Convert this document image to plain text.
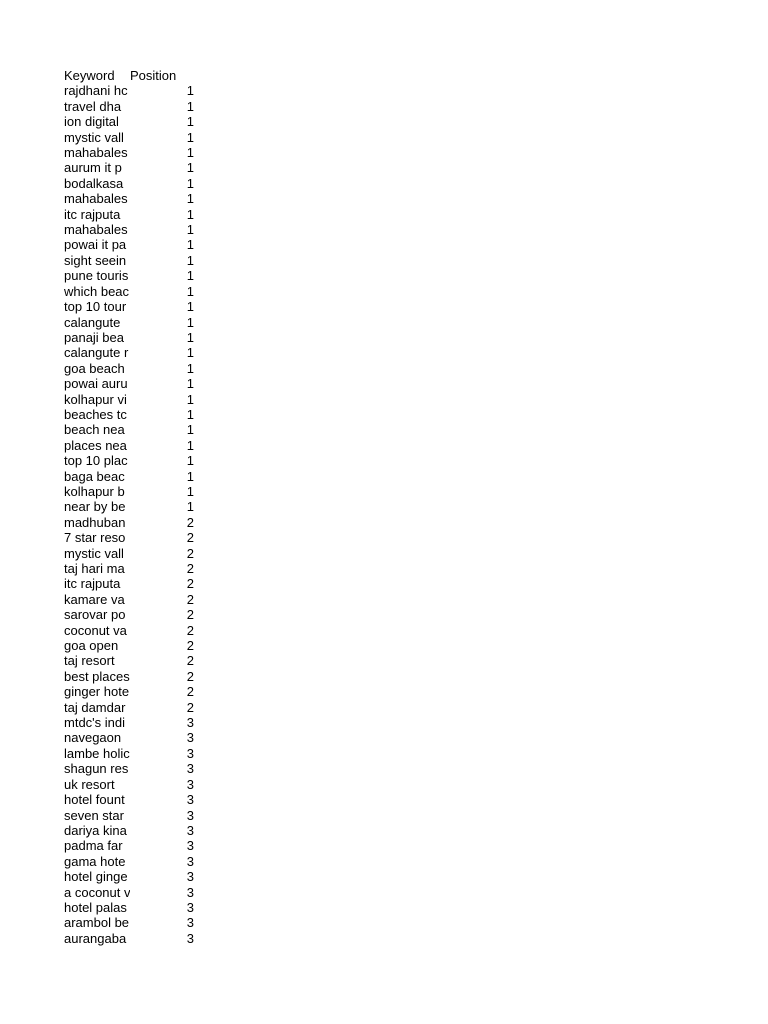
Keyword	Position
rajdhani hc	1
travel dha	1
ion digital	1
mystic vall	1
mahabales	1
aurum it p	1
bodalkasa	1
mahabales	1
itc rajputa	1
mahabales	1
powai it pa	1
sight seein	1
pune touris	1
which beac	1
top 10 tour	1
calangute	1
panaji bea	1
calangute r	1
goa beach	1
powai auru	1
kolhapur vi	1
beaches tc	1
beach nea	1
places nea	1
top 10 plac	1
baga beac	1
kolhapur b	1
near by be	1
madhuban	2
7 star reso	2
mystic vall	2
taj hari ma	2
itc rajputa	2
kamare va	2
sarovar po	2
coconut va	2
goa open	2
taj resort	2
best places	2
ginger hote	2
taj damdar	2
mtdc's indi	3
navegaon	3
lambe holic	3
shagun res	3
uk resort	3
hotel fount	3
seven star	3
dariya kina	3
padma far	3
gama hote	3
hotel ginge	3
a coconut v	3
hotel palas	3
arambol be	3
aurangaba	3
